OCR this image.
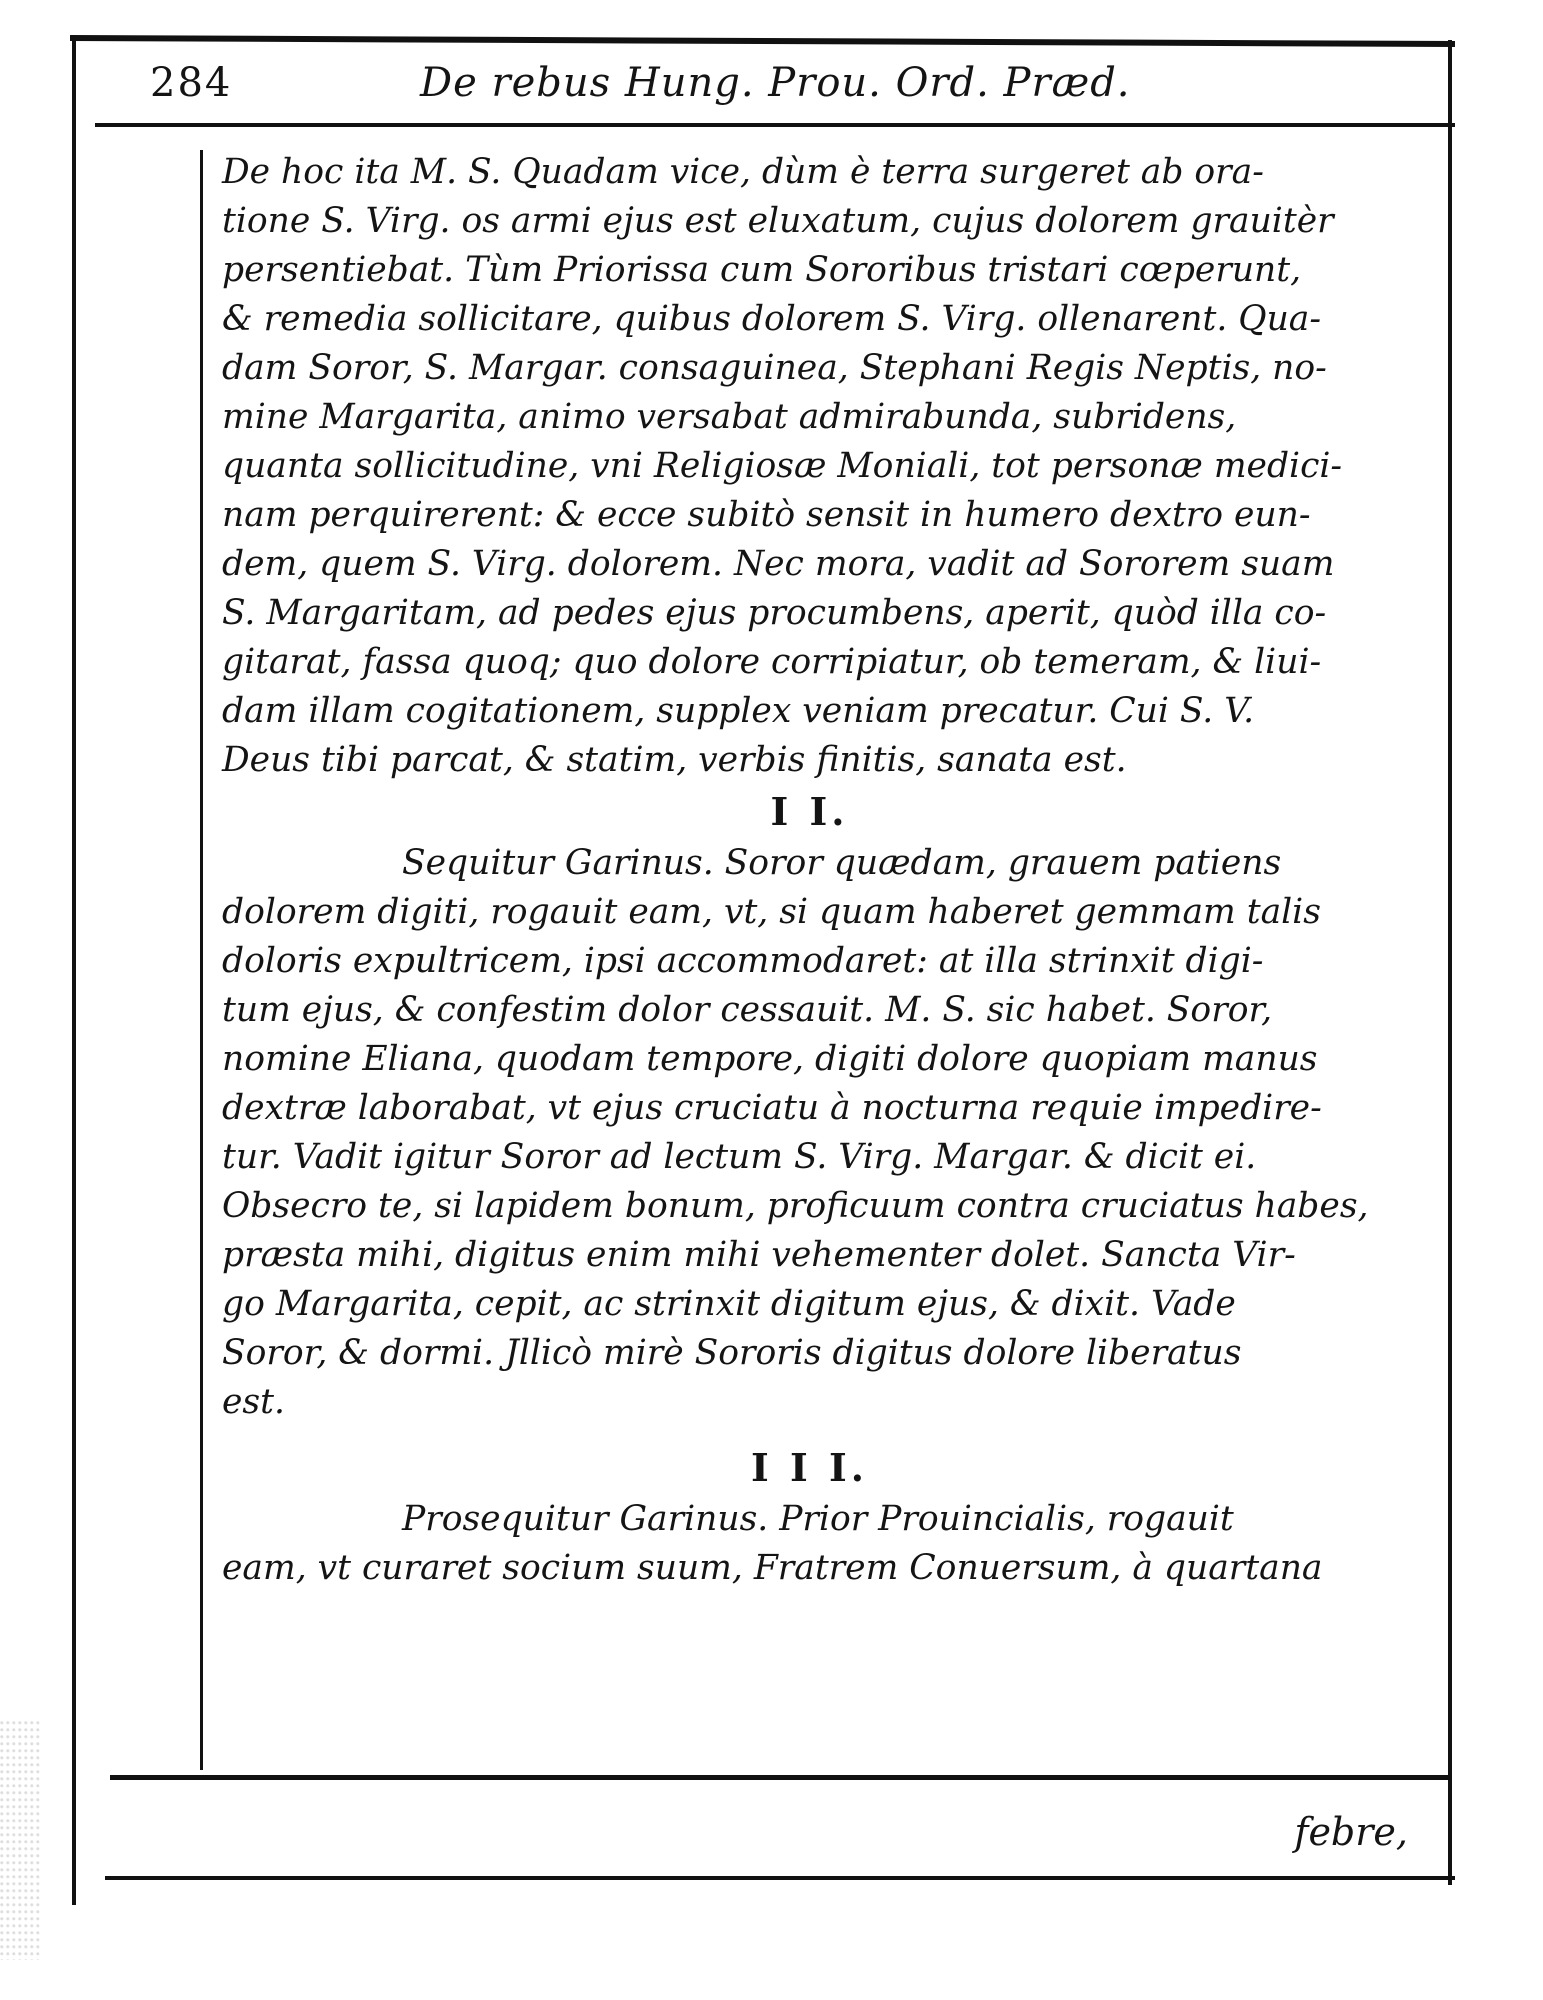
284	De rebus Hung. Prou. Ord. Præd.
De hoc ita M. S. Quadam vice, dùm è terra surgeret ab ora-
tione S. Virg. os armi ejus est eluxatum, cujus dolorem grauitèr
persentiebat. Tùm Priorissa cum Sororibus tristari cœperunt,
& remedia sollicitare, quibus dolorem S. Virg. ollenarent. Qua-
dam Soror, S. Margar. consaguinea, Stephani Regis Neptis, no-
mine Margarita, animo versabat admirabunda, subridens,
quanta sollicitudine, vni Religiosæ Moniali, tot personæ medici-
nam perquirerent: & ecce subitò sensit in humero dextro eun-
dem, quem S. Virg. dolorem. Nec mora, vadit ad Sororem suam
S. Margaritam, ad pedes ejus procumbens, aperit, quòd illa co-
gitarat, fassa quoq; quo dolore corripiatur, ob temeram, & liui-
dam illam cogitationem, supplex veniam precatur. Cui S. V.
Deus tibi parcat, & statim, verbis finitis, sanata est.
I I.
Sequitur Garinus. Soror quædam, grauem patiens
dolorem digiti, rogauit eam, vt, si quam haberet gemmam talis
doloris expultricem, ipsi accommodaret: at illa strinxit digi-
tum ejus, & confestim dolor cessauit. M. S. sic habet. Soror,
nomine Eliana, quodam tempore, digiti dolore quopiam manus
dextræ laborabat, vt ejus cruciatu à nocturna requie impedire-
tur. Vadit igitur Soror ad lectum S. Virg. Margar. & dicit ei.
Obsecro te, si lapidem bonum, proficuum contra cruciatus habes,
præsta mihi, digitus enim mihi vehementer dolet. Sancta Vir-
go Margarita, cepit, ac strinxit digitum ejus, & dixit. Vade
Soror, & dormi. Jllicò mirè Sororis digitus dolore liberatus
est.
I I I.
Prosequitur Garinus. Prior Prouincialis, rogauit
eam, vt curaret socium suum, Fratrem Conuersum, à quartana
febre,
